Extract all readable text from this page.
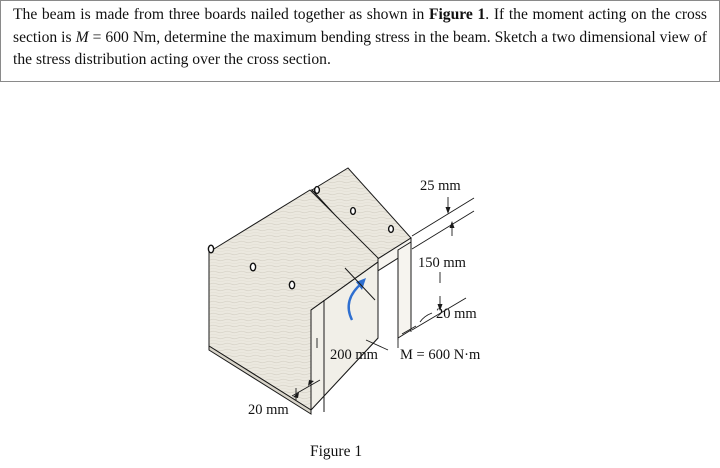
The beam is made from three boards nailed together as shown in Figure 1. If the moment acting on the cross section is M = 600 Nm, determine the maximum bending stress in the beam. Sketch a two dimensional view of the stress distribution acting over the cross section.
25 mm
150 mm
20 mm
200 mm M = 600 N·m
20 mm
Figure 1
